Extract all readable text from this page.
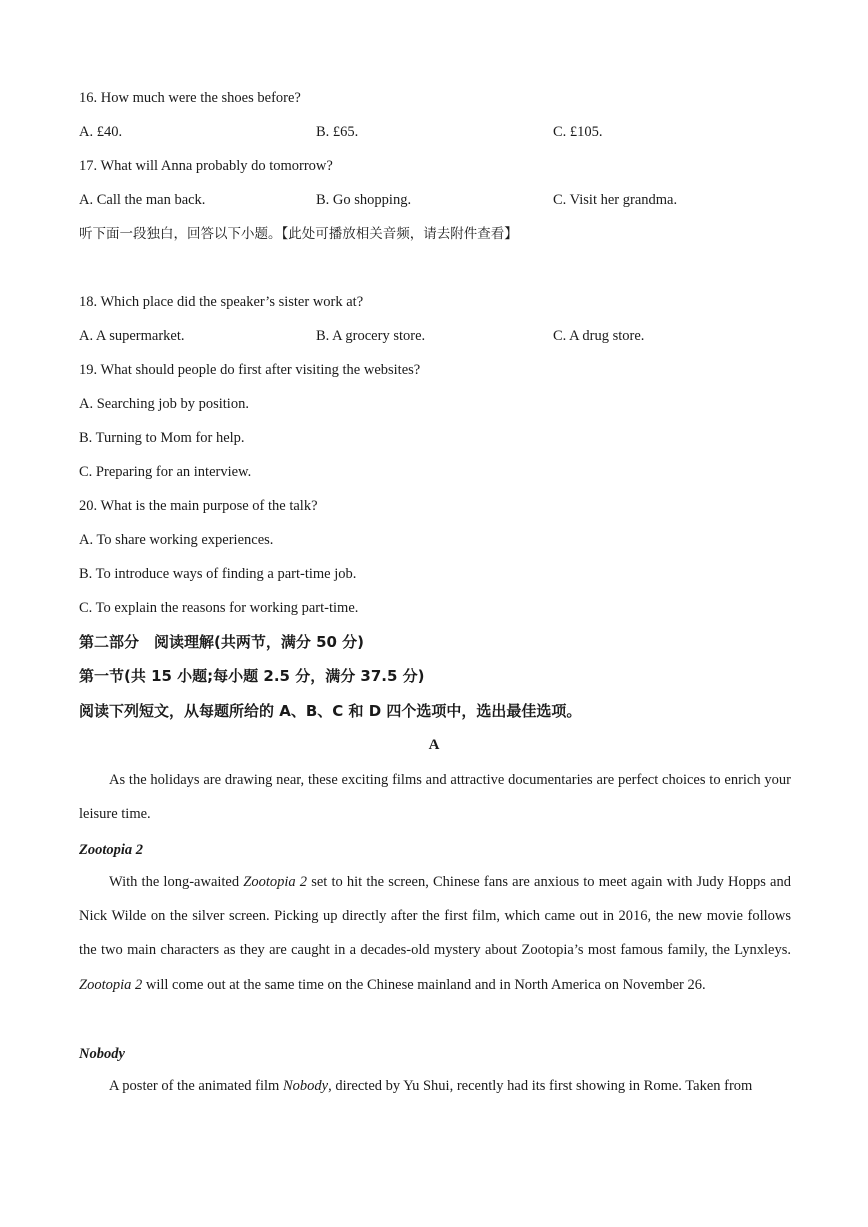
16. How much were the shoes before?
A. £40.	B. £65.	C. £105.
17. What will Anna probably do tomorrow?
A. Call the man back.	B. Go shopping.	C. Visit her grandma.
听下面一段独白，回答以下小题。【此处可播放相关音频，请去附件查看】
18. Which place did the speaker’s sister work at?
A. A supermarket.	B. A grocery store.	C. A drug store.
19. What should people do first after visiting the websites?
A. Searching job by position.
B. Turning to Mom for help.
C. Preparing for an interview.
20. What is the main purpose of the talk?
A. To share working experiences.
B. To introduce ways of finding a part-time job.
C. To explain the reasons for working part-time.
第二部分　阅读理解(共两节，满分 50 分)
第一节(共 15 小题;每小题 2.5 分，满分 37.5 分)
阅读下列短文，从每题所给的 A、B、C 和 D 四个选项中，选出最佳选项。
A
As the holidays are drawing near, these exciting films and attractive documentaries are perfect choices to enrich your leisure time.
Zootopia 2
With the long-awaited Zootopia 2 set to hit the screen, Chinese fans are anxious to meet again with Judy Hopps and Nick Wilde on the silver screen. Picking up directly after the first film, which came out in 2016, the new movie follows the two main characters as they are caught in a decades-old mystery about Zootopia’s most famous family, the Lynxleys. Zootopia 2 will come out at the same time on the Chinese mainland and in North America on November 26.
Nobody
A poster of the animated film Nobody, directed by Yu Shui, recently had its first showing in Rome. Taken from
